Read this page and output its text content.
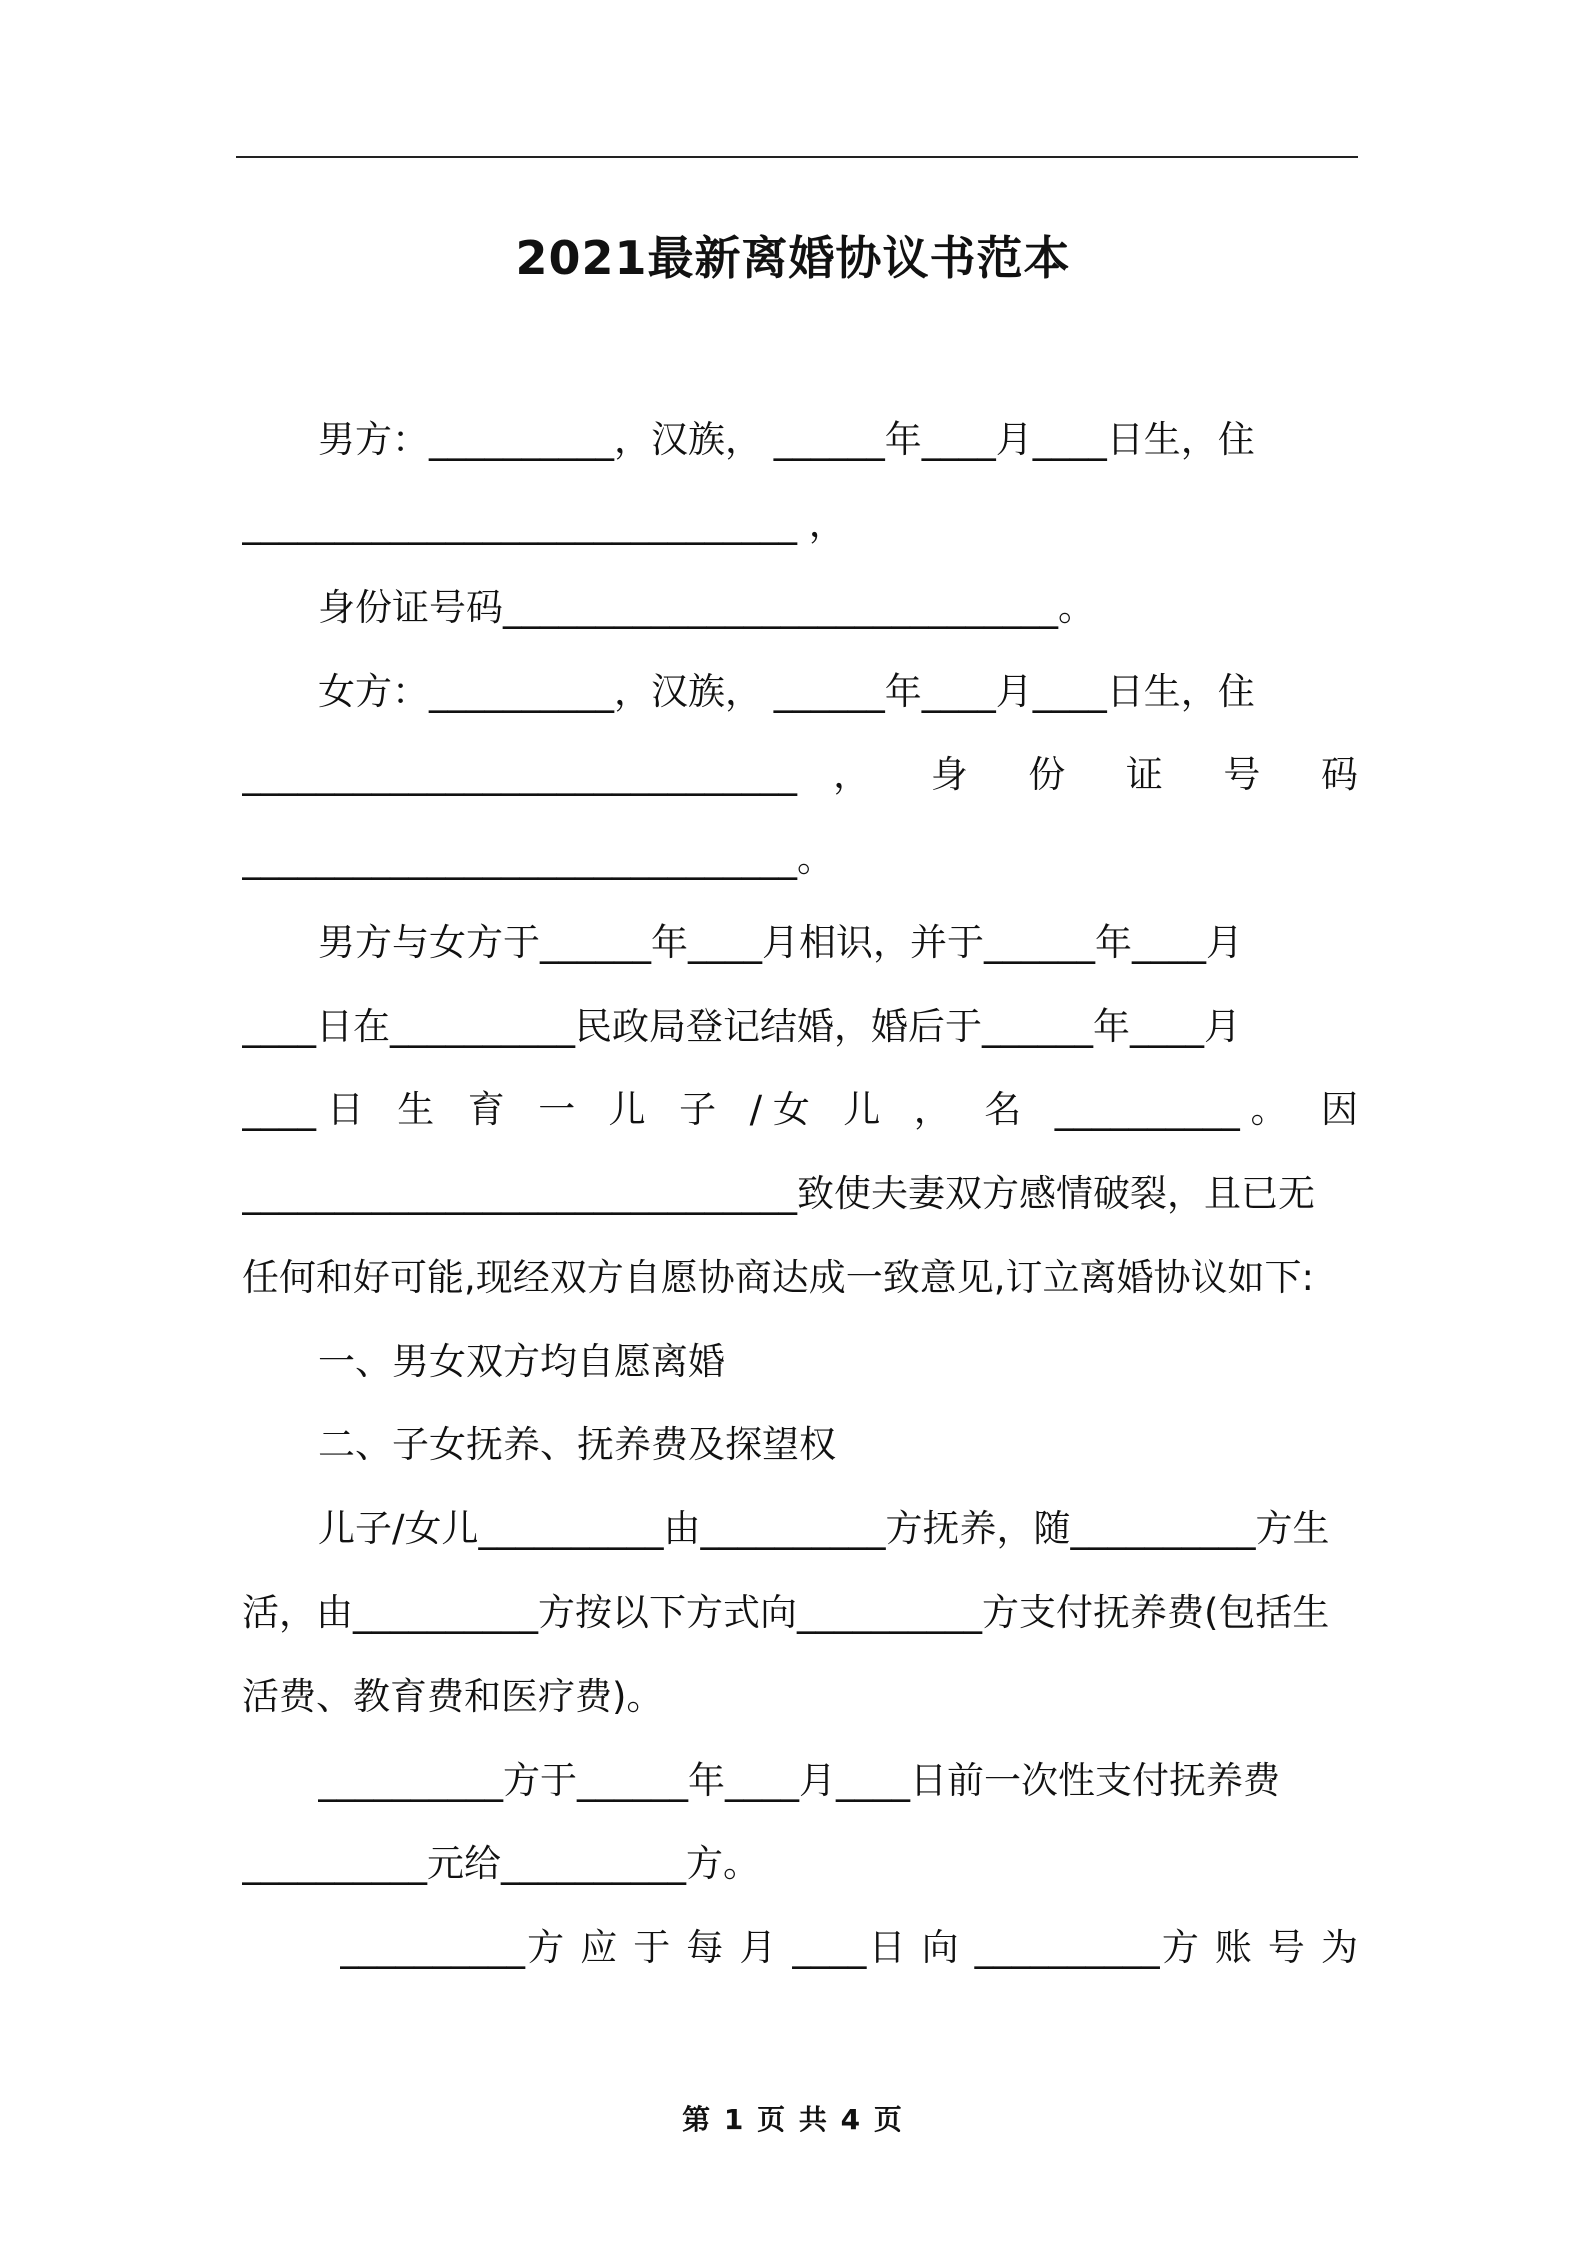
2021最新离婚协议书范本
男方：__________，汉族， ______年____月____日生，住
______________________________ ，
身份证号码______________________________。
女方：__________，汉族， ______年____月____日生，住
______________________________ ， 身 份 证 号 码
______________________________。
男方与女方于______年____月相识，并于______年____月
____日在__________民政局登记结婚，婚后于______年____月
____日 生 育 一 儿 子 /女 儿 ， 名 __________。 因
______________________________致使夫妻双方感情破裂，且已无
任何和好可能,现经双方自愿协商达成一致意见,订立离婚协议如下:
一、男女双方均自愿离婚
二、子女抚养、抚养费及探望权
儿子/女儿__________由__________方抚养，随__________方生
活，由__________方按以下方式向__________方支付抚养费(包括生
活费、教育费和医疗费)。
__________方于______年____月____日前一次性支付抚养费
__________元给__________方。
__________方 应 于 每 月 ____日 向 __________方 账 号 为
第 1 页 共 4 页
